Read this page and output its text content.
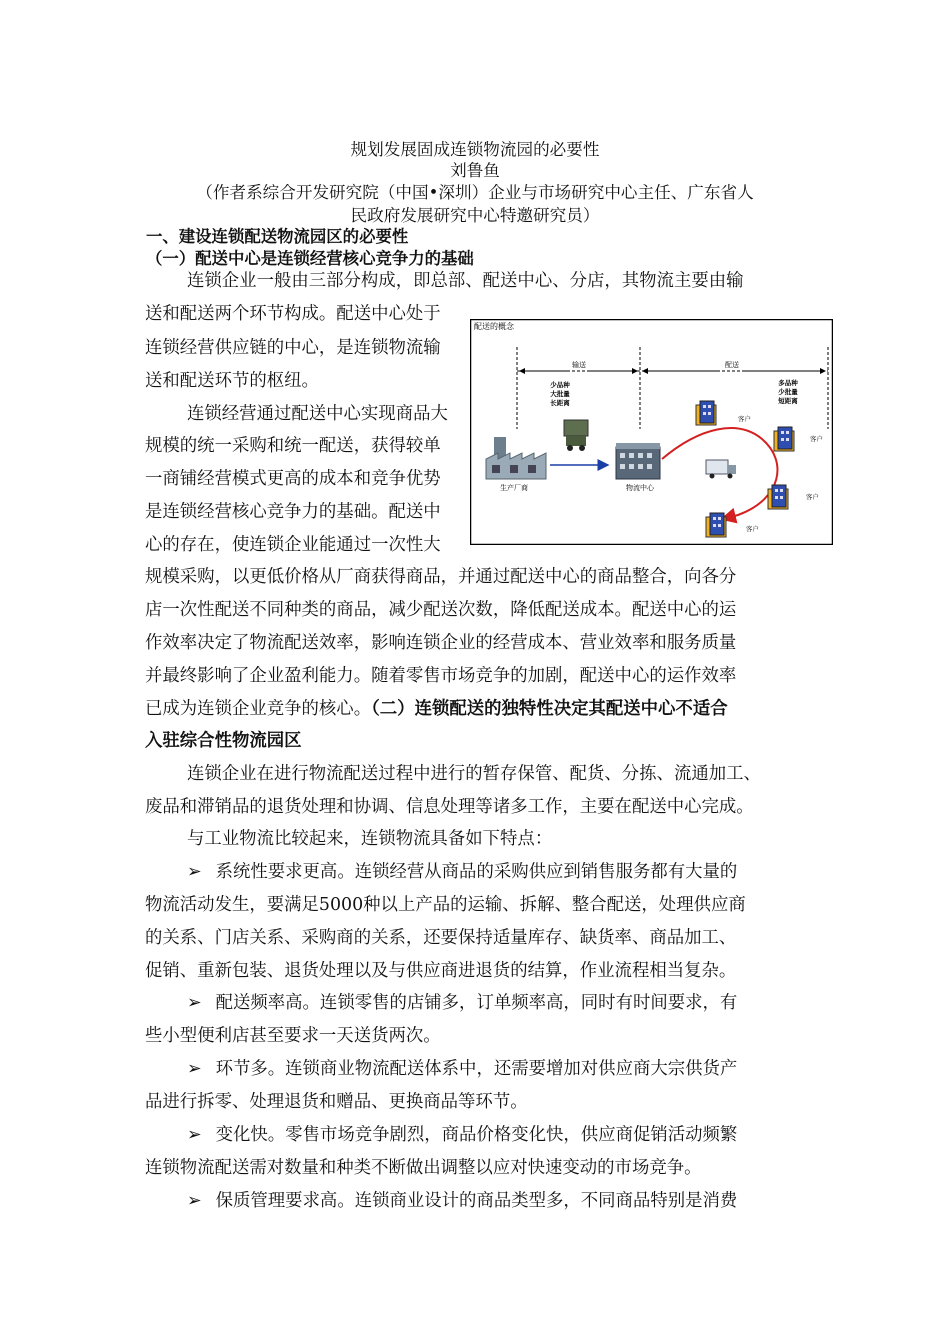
规划发展固成连锁物流园的必要性
刘鲁鱼
（作者系综合开发研究院（中国•深圳）企业与市场研究中心主任、广东省人
民政府发展研究中心特邀研究员）
一、建设连锁配送物流园区的必要性
（一）配送中心是连锁经营核心竞争力的基础
连锁企业一般由三部分构成，即总部、配送中心、分店，其物流主要由输
送和配送两个环节构成。配送中心处于
连锁经营供应链的中心，是连锁物流输
送和配送环节的枢纽。
连锁经营通过配送中心实现商品大
规模的统一采购和统一配送，获得较单
一商铺经营模式更高的成本和竞争优势
是连锁经营核心竞争力的基础。配送中
心的存在，使连锁企业能通过一次性大
规模采购，以更低价格从厂商获得商品，并通过配送中心的商品整合，向各分
店一次性配送不同种类的商品，减少配送次数，降低配送成本。配送中心的运
作效率决定了物流配送效率，影响连锁企业的经营成本、营业效率和服务质量
并最终影响了企业盈利能力。随着零售市场竞争的加剧，配送中心的运作效率
已成为连锁企业竞争的核心。（二）连锁配送的独特性决定其配送中心不适合
入驻综合性物流园区
连锁企业在进行物流配送过程中进行的暂存保管、配货、分拣、流通加工、
废品和滞销品的退货处理和协调、信息处理等诸多工作，主要在配送中心完成。
与工业物流比较起来，连锁物流具备如下特点：
➢ 系统性要求更高。连锁经营从商品的采购供应到销售服务都有大量的
物流活动发生，要满足5000种以上产品的运输、拆解、整合配送，处理供应商
的关系、门店关系、采购商的关系，还要保持适量库存、缺货率、商品加工、
促销、重新包装、退货处理以及与供应商进退货的结算，作业流程相当复杂。
➢ 配送频率高。连锁零售的店铺多，订单频率高，同时有时间要求，有
些小型便利店甚至要求一天送货两次。
➢ 环节多。连锁商业物流配送体系中，还需要增加对供应商大宗供货产
品进行拆零、处理退货和赠品、更换商品等环节。
➢ 变化快。零售市场竞争剧烈，商品价格变化快，供应商促销活动频繁
连锁物流配送需对数量和种类不断做出调整以应对快速变动的市场竞争。
➢ 保质管理要求高。连锁商业设计的商品类型多，不同商品特别是消费
配送的概念
输送	配送
少品种
大批量
长距离
多品种
少批量
短距离
生产厂商	物流中心
客户
客户
客户
客户
